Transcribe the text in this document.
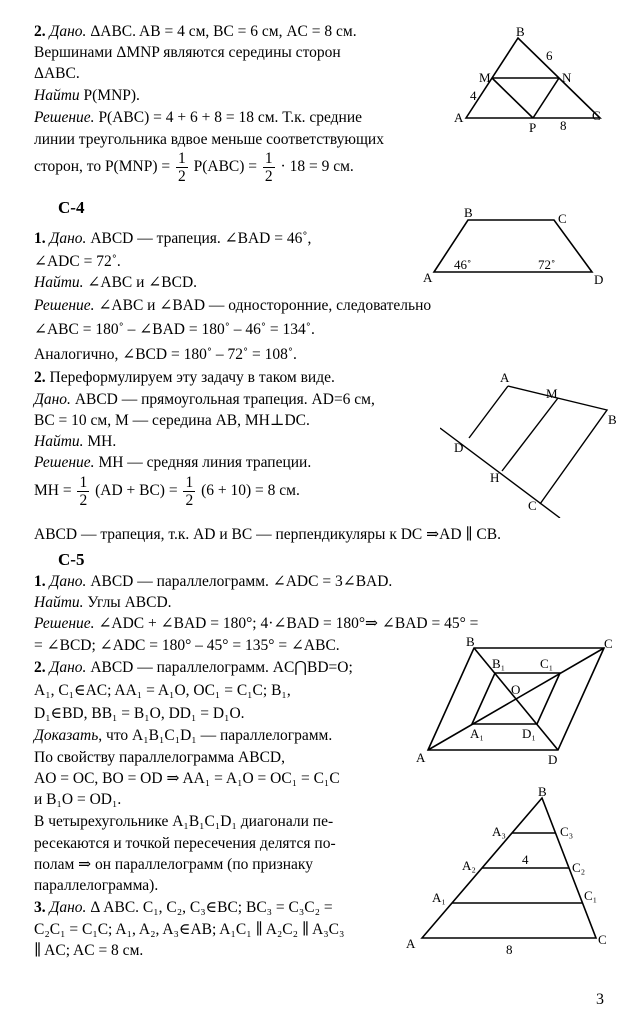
2. Дано. ΔABC. AB = 4 см, BC = 6 см, AC = 8 см.
Вершинами ΔMNP являются середины сторон
ΔABC.
Найти P(MNP).
Решение. P(ABC) = 4 + 6 + 8 = 18 см. Т.к. средние
линии треугольника вдвое меньше соответствующих
сторон, то $P(MNP) = \frac{1}{2} P(ABC) = \frac{1}{2} \cdot 18 = 9$ см.
B
M	N
A
P
C
6
4
8
С-4
1. Дано. ABCD — трапеция. ∠BAD = 46˚,
∠ADC = 72˚.
Найти. ∠ABC и ∠BCD.
Решение. ∠ABC и ∠BAD — односторонние, следовательно
∠ABC = 180˚ – ∠BAD = 180˚ – 46˚ = 134˚.
Аналогично, ∠BCD = 180˚ – 72˚ = 108˚.
2. Переформулируем эту задачу в таком виде.
Дано. ABCD — прямоугольная трапеция. AD=6 см,
BC = 10 см, M — середина AB, MH⊥DC.
Найти. MH.
Решение. MH — средняя линия трапеции.
MH = $\frac{1}{2} (AD + BC) = \frac{1}{2} (6 + 10) = 8$ см.
ABCD — трапеция, т.к. AD и BC — перпендикуляры к DC ⇒AD ∥ CB.
B	C
A	D
46˚	72˚
A
M
B
D
H
C
С-5
1. Дано. ABCD — параллелограмм. ∠ADC = 3∠BAD.
Найти. Углы ABCD.
Решение. ∠ADC + ∠BAD = 180°; 4·∠BAD = 180°⇒ ∠BAD = 45° =
= ∠BCD; ∠ADC = 180° – 45° = 135° = ∠ABC.
2. Дано. ABCD — параллелограмм. AC⋂BD=O;
A₁, C₁∈AC; AA₁ = A₁O, OC₁ = C₁C; B₁,
D₁∈BD, BB₁ = B₁O, DD₁ = D₁O.
Доказать, что A₁B₁C₁D₁ — параллелограмм.
По свойству параллелограмма ABCD,
AO = OC, BO = OD ⇒ AA₁ = A₁O = OC₁ = C₁C
и B₁O = OD₁.
В четырехугольнике A₁B₁C₁D₁ диагонали пе-
ресекаются и точкой пересечения делятся по-
полам ⇒ он параллелограмм (по признаку
параллелограмма).
3. Дано. Δ ABC. C₁, C₂, C₃∈BC; BC₃ = C₃C₂ =
C₂C₁ = C₁C; A₁, A₂, A₃∈AB; A₁C₁ ∥ A₂C₂ ∥ A₃C₃
∥ AC; AC = 8 см.
B	C
A	D
B₁	C₁
O
A₁	D₁
B
A	C
A₃	C₃
A₂	C₂
A₁	C₁
4
8
3
